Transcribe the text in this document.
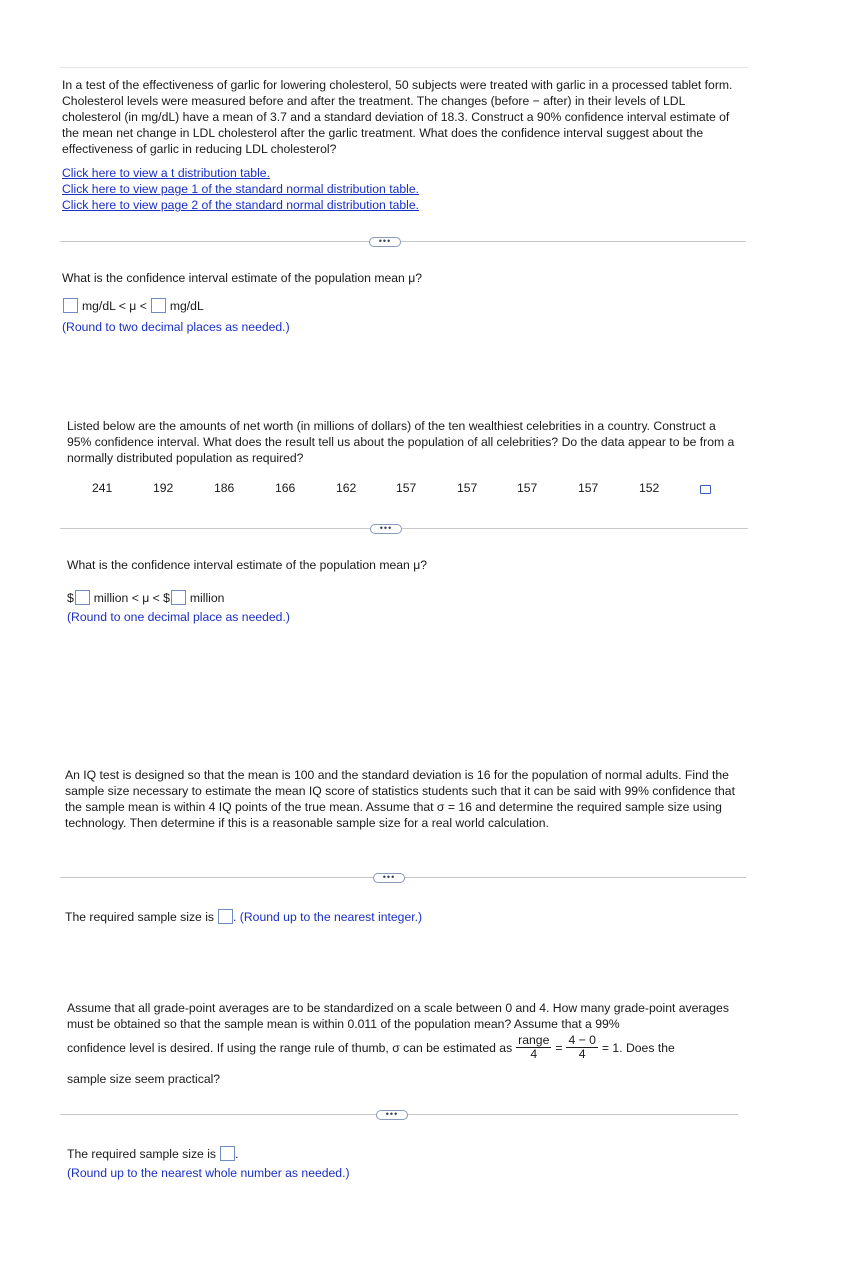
In a test of the effectiveness of garlic for lowering cholesterol, 50 subjects were treated with garlic in a processed tablet form. Cholesterol levels were measured before and after the treatment. The changes (before − after) in their levels of LDL cholesterol (in mg/dL) have a mean of 3.7 and a standard deviation of 18.3. Construct a 90% confidence interval estimate of the mean net change in LDL cholesterol after the garlic treatment. What does the confidence interval suggest about the effectiveness of garlic in reducing LDL cholesterol?
Click here to view a t distribution table.
Click here to view page 1 of the standard normal distribution table.
Click here to view page 2 of the standard normal distribution table.
•••
What is the confidence interval estimate of the population mean μ?
mg/dL < μ < mg/dL
(Round to two decimal places as needed.)
Listed below are the amounts of net worth (in millions of dollars) of the ten wealthiest celebrities in a country. Construct a 95% confidence interval. What does the result tell us about the population of all celebrities? Do the data appear to be from a normally distributed population as required?
241	192	186	166	162	157	157	157	157	152
•••
What is the confidence interval estimate of the population mean μ?
$ million < μ < $ million
(Round to one decimal place as needed.)
An IQ test is designed so that the mean is 100 and the standard deviation is 16 for the population of normal adults. Find the sample size necessary to estimate the mean IQ score of statistics students such that it can be said with 99% confidence that the sample mean is within 4 IQ points of the true mean. Assume that σ = 16 and determine the required sample size using technology. Then determine if this is a reasonable sample size for a real world calculation.
•••
The required sample size is . (Round up to the nearest integer.)
Assume that all grade-point averages are to be standardized on a scale between 0 and 4. How many grade-point averages must be obtained so that the sample mean is within 0.011 of the population mean? Assume that a 99%
confidence level is desired. If using the range rule of thumb, σ can be estimated as $\frac{\text{range}}{4} = \frac{4 - 0}{4} = 1$. Does the
sample size seem practical?
•••
The required sample size is .
(Round up to the nearest whole number as needed.)
